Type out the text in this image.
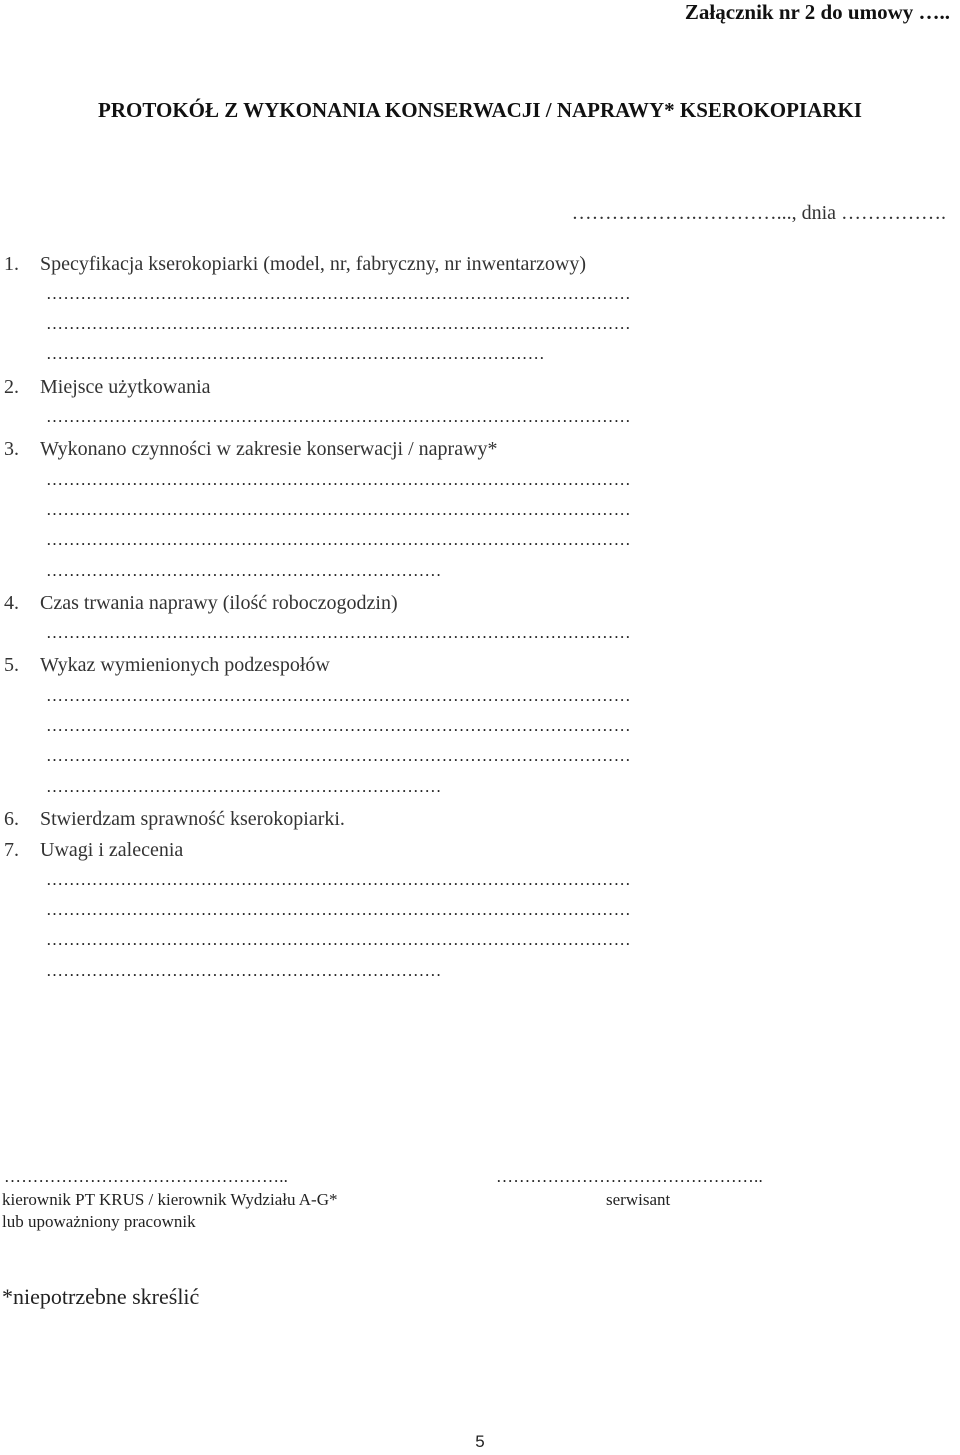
Załącznik nr 2 do umowy …..
PROTOKÓŁ Z WYKONANIA KONSERWACJI / NAPRAWY* KSEROKOPIARKI
……………….…………..., dnia …………….
1. Specyfikacja kserokopiarki (model, nr, fabryczny, nr inwentarzowy)
…………………………………………………………………………………………
…………………………………………………………………………………………
……………………………………………………………………………
2. Miejsce użytkowania
…………………………………………………………………………………………
3. Wykonano czynności w zakresie konserwacji / naprawy*
…………………………………………………………………………………………
…………………………………………………………………………………………
…………………………………………………………………………………………
……………………………………………………………
4. Czas trwania naprawy (ilość roboczogodzin)
…………………………………………………………………………………………
5. Wykaz wymienionych podzespołów
…………………………………………………………………………………………
…………………………………………………………………………………………
…………………………………………………………………………………………
……………………………………………………………
6. Stwierdzam sprawność kserokopiarki.
7. Uwagi i zalecenia
…………………………………………………………………………………………
…………………………………………………………………………………………
…………………………………………………………………………………………
……………………………………………………………
…………………………………………..	………………………………………..
kierownik PT KRUS / kierownik Wydziału A-G*
lub upoważniony pracownik
serwisant
*niepotrzebne skreślić
5
